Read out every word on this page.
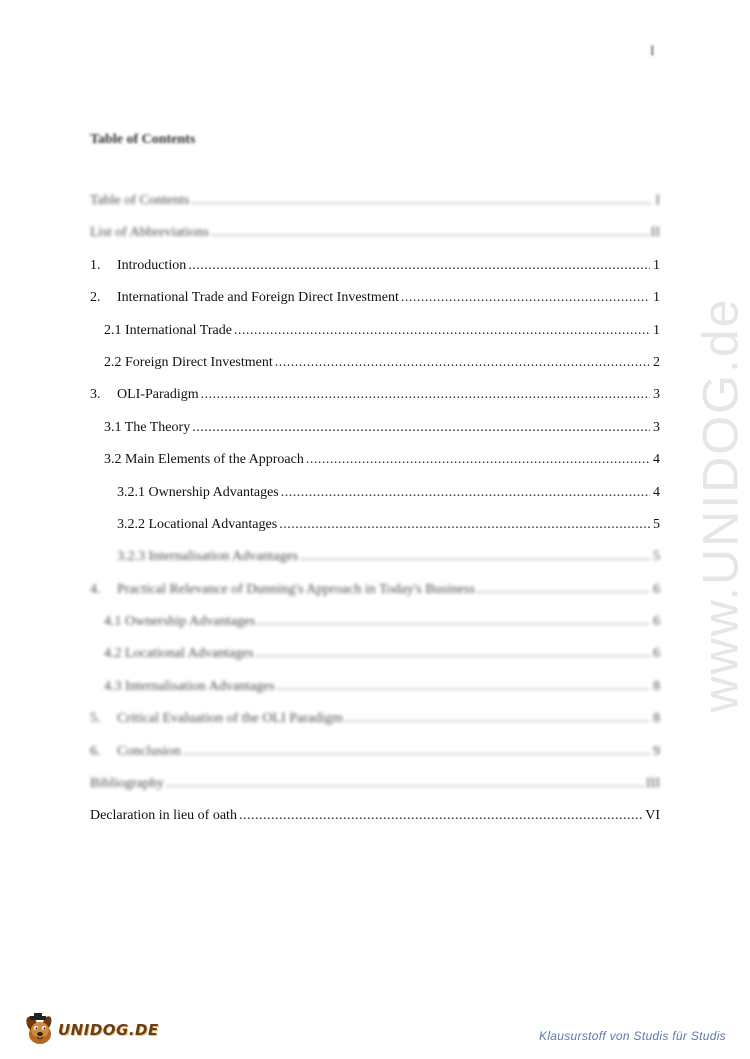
I
Table of Contents
www.UNIDOG.de
Table of Contents .....	I
List of Abbreviations .....	II
1.	Introduction .....	1
2.	International Trade and Foreign Direct Investment .....	1
2.1 International Trade .....	1
2.2 Foreign Direct Investment .....	2
3.	OLI-Paradigm .....	3
3.1 The Theory .....	3
3.2 Main Elements of the Approach .....	4
3.2.1 Ownership Advantages .....	4
3.2.2 Locational Advantages .....	5
3.2.3 Internalisation Advantages .....	5
4.	Practical Relevance of Dunning's Approach in Today's Business .....	6
4.1 Ownership Advantages .....	6
4.2 Locational Advantages .....	6
4.3 Internalisation Advantages .....	8
5.	Critical Evaluation of the OLI Paradigm .....	8
6.	Conclusion .....	9
Bibliography .....	III
Declaration in lieu of oath .....	VI
UNIDOG.DE	Klausurstoff von Studis für Studis
